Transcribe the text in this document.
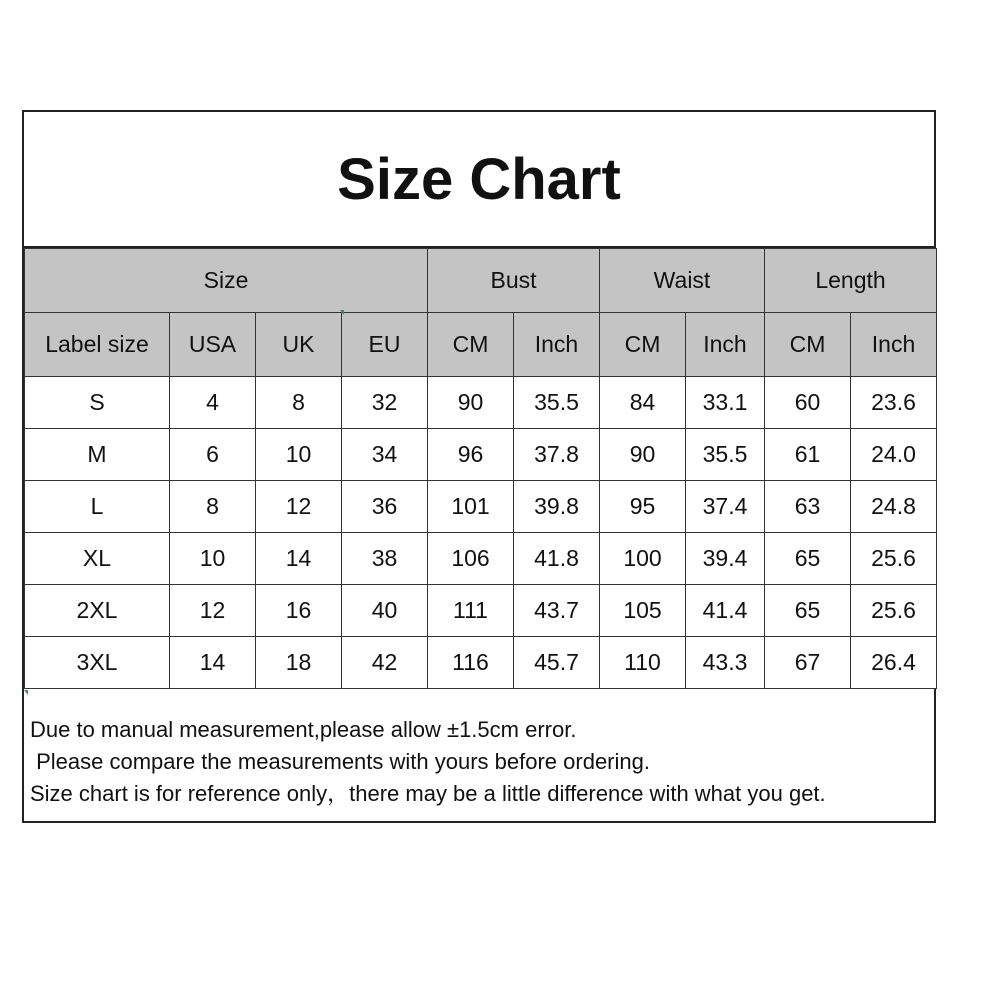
Size Chart
Size				Bust		Waist		Length	
Label size	USA	UK	EU	CM	Inch	CM	Inch	CM	Inch
S	4	8	32	90	35.5	84	33.1	60	23.6
M	6	10	34	96	37.8	90	35.5	61	24.0
L	8	12	36	101	39.8	95	37.4	63	24.8
XL	10	14	38	106	41.8	100	39.4	65	25.6
2XL	12	16	40	111	43.7	105	41.4	65	25.6
3XL	14	18	42	116	45.7	110	43.3	67	26.4
Due to manual measurement,please allow ±1.5cm error.
Please compare the measurements with yours before ordering.
Size chart is for reference only，there may be a little difference with what you get.
